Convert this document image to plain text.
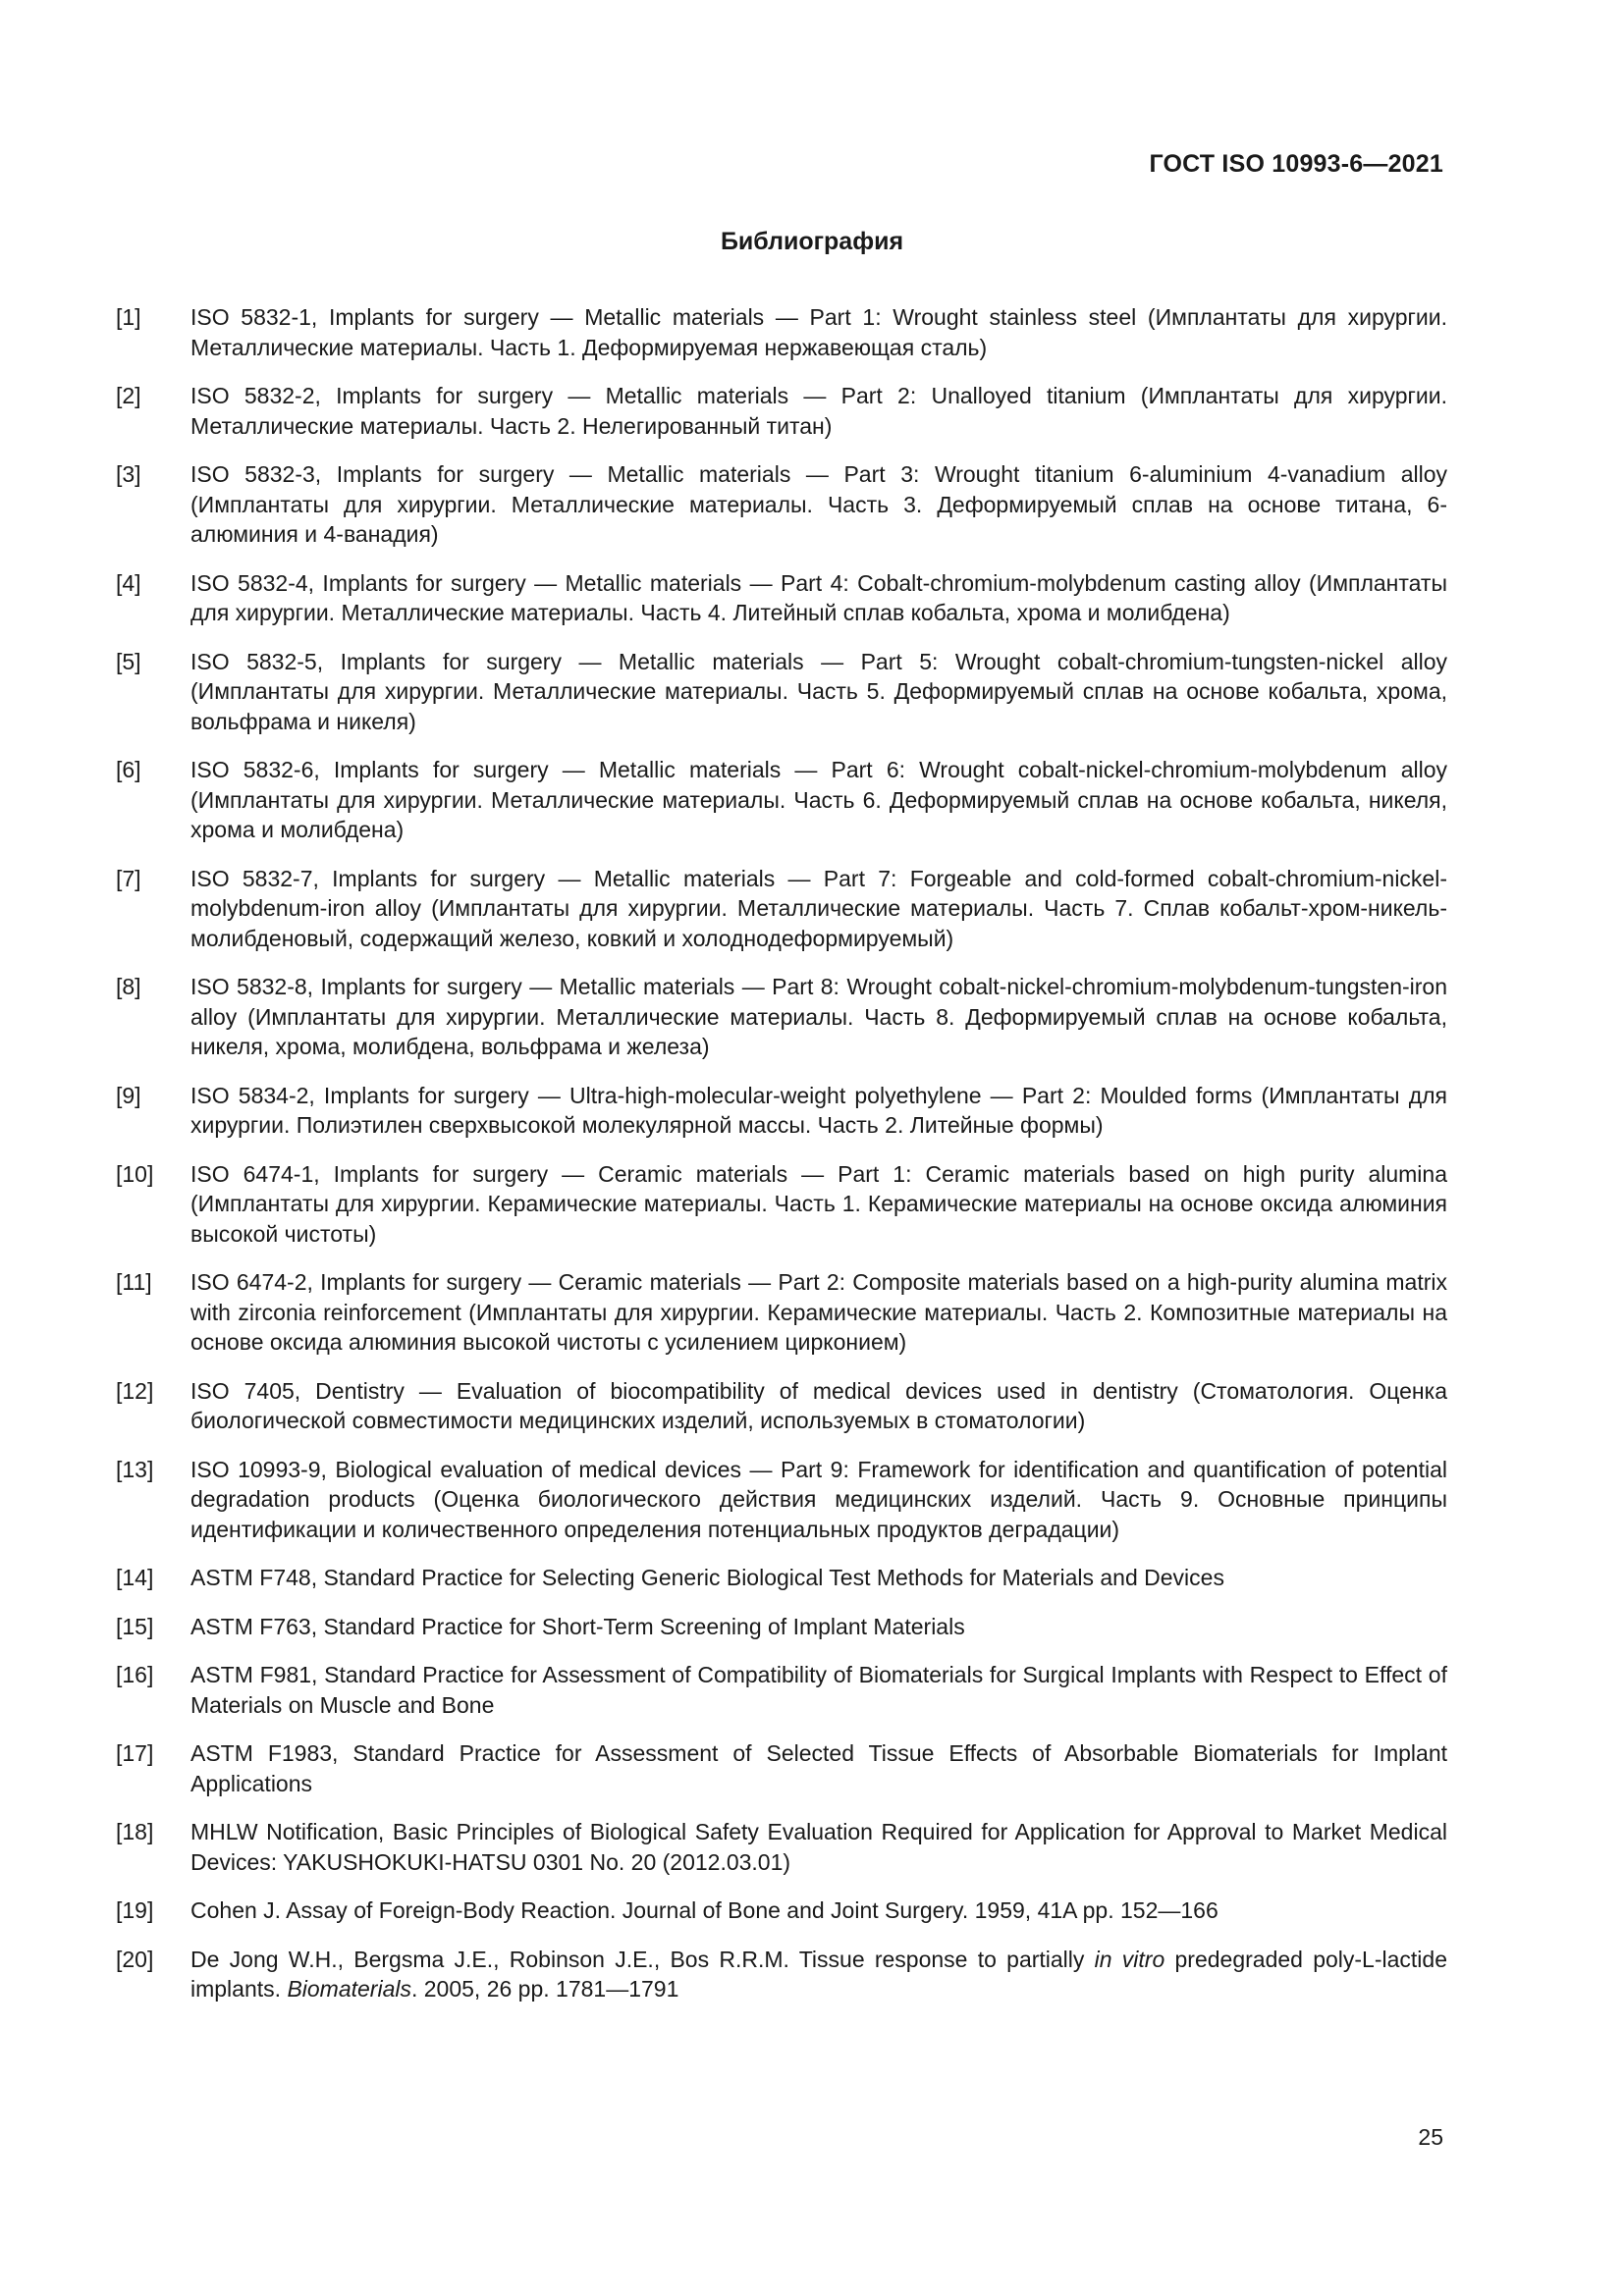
ГОСТ ISO 10993-6—2021
Библиография
[1]	ISO 5832-1, Implants for surgery — Metallic materials — Part 1: Wrought stainless steel (Имплантаты для хирургии. Металлические материалы. Часть 1. Деформируемая нержавеющая сталь)
[2]	ISO 5832-2, Implants for surgery — Metallic materials — Part 2: Unalloyed titanium (Имплантаты для хирургии. Металлические материалы. Часть 2. Нелегированный титан)
[3]	ISO 5832-3, Implants for surgery — Metallic materials — Part 3: Wrought titanium 6-aluminium 4-vanadium alloy (Имплантаты для хирургии. Металлические материалы. Часть 3. Деформируемый сплав на основе титана, 6-алюминия и 4-ванадия)
[4]	ISO 5832-4, Implants for surgery — Metallic materials — Part 4: Cobalt-chromium-molybdenum casting alloy (Имплантаты для хирургии. Металлические материалы. Часть 4. Литейный сплав кобальта, хрома и молибдена)
[5]	ISO 5832-5, Implants for surgery — Metallic materials — Part 5: Wrought cobalt-chromium-tungsten-nickel alloy (Имплантаты для хирургии. Металлические материалы. Часть 5. Деформируемый сплав на основе кобальта, хрома, вольфрама и никеля)
[6]	ISO 5832-6, Implants for surgery — Metallic materials — Part 6: Wrought cobalt-nickel-chromium-molybdenum alloy (Имплантаты для хирургии. Металлические материалы. Часть 6. Деформируемый сплав на основе кобальта, никеля, хрома и молибдена)
[7]	ISO 5832-7, Implants for surgery — Metallic materials — Part 7: Forgeable and cold-formed cobalt-chromium-nickel-molybdenum-iron alloy (Имплантаты для хирургии. Металлические материалы. Часть 7. Сплав кобальт-хром-никель-молибденовый, содержащий железо, ковкий и холоднодеформируемый)
[8]	ISO 5832-8, Implants for surgery — Metallic materials — Part 8: Wrought cobalt-nickel-chromium-molybdenum-tungsten-iron alloy (Имплантаты для хирургии. Металлические материалы. Часть 8. Деформируемый сплав на основе кобальта, никеля, хрома, молибдена, вольфрама и железа)
[9]	ISO 5834-2, Implants for surgery — Ultra-high-molecular-weight polyethylene — Part 2: Moulded forms (Имплантаты для хирургии. Полиэтилен сверхвысокой молекулярной массы. Часть 2. Литейные формы)
[10]	ISO 6474-1, Implants for surgery — Ceramic materials — Part 1: Ceramic materials based on high purity alumina (Имплантаты для хирургии. Керамические материалы. Часть 1. Керамические материалы на основе оксида алюминия высокой чистоты)
[11]	ISO 6474-2, Implants for surgery — Ceramic materials — Part 2: Composite materials based on a high-purity alumina matrix with zirconia reinforcement (Имплантаты для хирургии. Керамические материалы. Часть 2. Композитные материалы на основе оксида алюминия высокой чистоты с усилением цирконием)
[12]	ISO 7405, Dentistry — Evaluation of biocompatibility of medical devices used in dentistry (Стоматология. Оценка биологической совместимости медицинских изделий, используемых в стоматологии)
[13]	ISO 10993-9, Biological evaluation of medical devices — Part 9: Framework for identification and quantification of potential degradation products (Оценка биологического действия медицинских изделий. Часть 9. Основные принципы идентификации и количественного определения потенциальных продуктов деградации)
[14]	ASTM F748, Standard Practice for Selecting Generic Biological Test Methods for Materials and Devices
[15]	ASTM F763, Standard Practice for Short-Term Screening of Implant Materials
[16]	ASTM F981, Standard Practice for Assessment of Compatibility of Biomaterials for Surgical Implants with Respect to Effect of Materials on Muscle and Bone
[17]	ASTM F1983, Standard Practice for Assessment of Selected Tissue Effects of Absorbable Biomaterials for Implant Applications
[18]	MHLW Notification, Basic Principles of Biological Safety Evaluation Required for Application for Approval to Market Medical Devices: YAKUSHOKUKI-HATSU 0301 No. 20 (2012.03.01)
[19]	Cohen J. Assay of Foreign-Body Reaction. Journal of Bone and Joint Surgery. 1959, 41A pp. 152—166
[20]	De Jong W.H., Bergsma J.E., Robinson J.E., Bos R.R.M. Tissue response to partially in vitro predegraded poly-L-lactide implants. Biomaterials. 2005, 26 pp. 1781—1791
25
